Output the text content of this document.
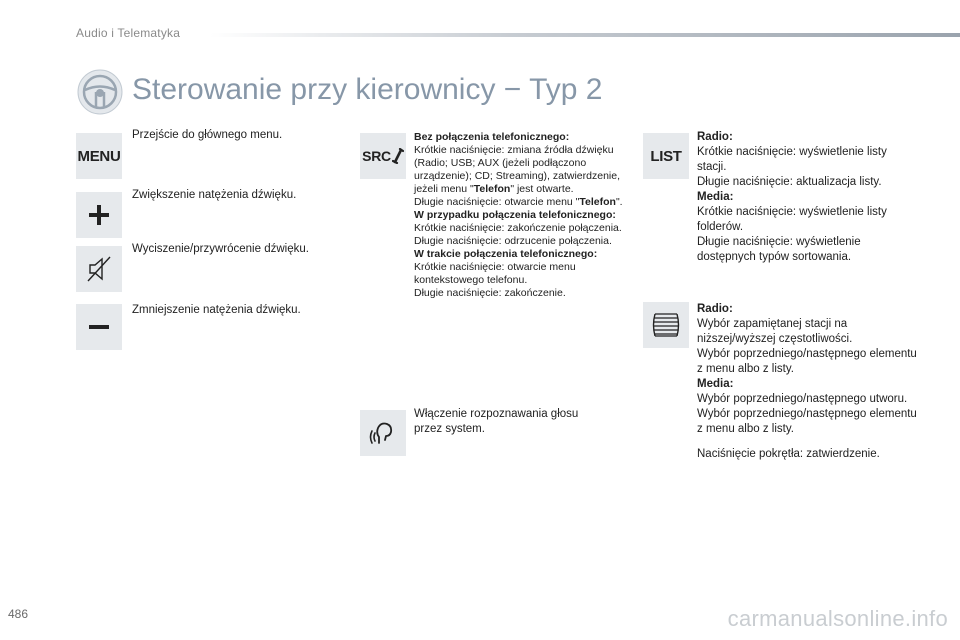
Audio i Telematyka
Sterowanie przy kierownicy − Typ 2
MENU
Przejście do głównego menu.
Zwiększenie natężenia dźwięku.
Wyciszenie/przywrócenie dźwięku.
Zmniejszenie natężenia dźwięku.
SRC

Bez połączenia telefonicznego:

Krótkie naciśnięcie: zmiana źródła dźwięku (Radio; USB; AUX (jeżeli podłączono urządzenie); CD; Streaming), zatwierdzenie, jeżeli menu "Telefon" jest otwarte.

Długie naciśnięcie: otwarcie menu "Telefon".

W przypadku połączenia telefonicznego:

Krótkie naciśnięcie: zakończenie połączenia.

Długie naciśnięcie: odrzucenie połączenia.

W trakcie połączenia telefonicznego:

Krótkie naciśnięcie: otwarcie menu kontekstowego telefonu.

Długie naciśnięcie: zakończenie.

Włączenie rozpoznawania głosu przez system.
LIST

Radio:

Krótkie naciśnięcie: wyświetlenie listy stacji.

Długie naciśnięcie: aktualizacja listy.

Media:

Krótkie naciśnięcie: wyświetlenie listy folderów.

Długie naciśnięcie: wyświetlenie dostępnych typów sortowania.

Radio:

Wybór zapamiętanej stacji na niższej/wyższej częstotliwości.

Wybór poprzedniego/następnego elementu z menu albo z listy.

Media:

Wybór poprzedniego/następnego utworu.

Wybór poprzedniego/następnego elementu z menu albo z listy.

Naciśnięcie pokrętła: zatwierdzenie.

486	carmanualsonline.info
